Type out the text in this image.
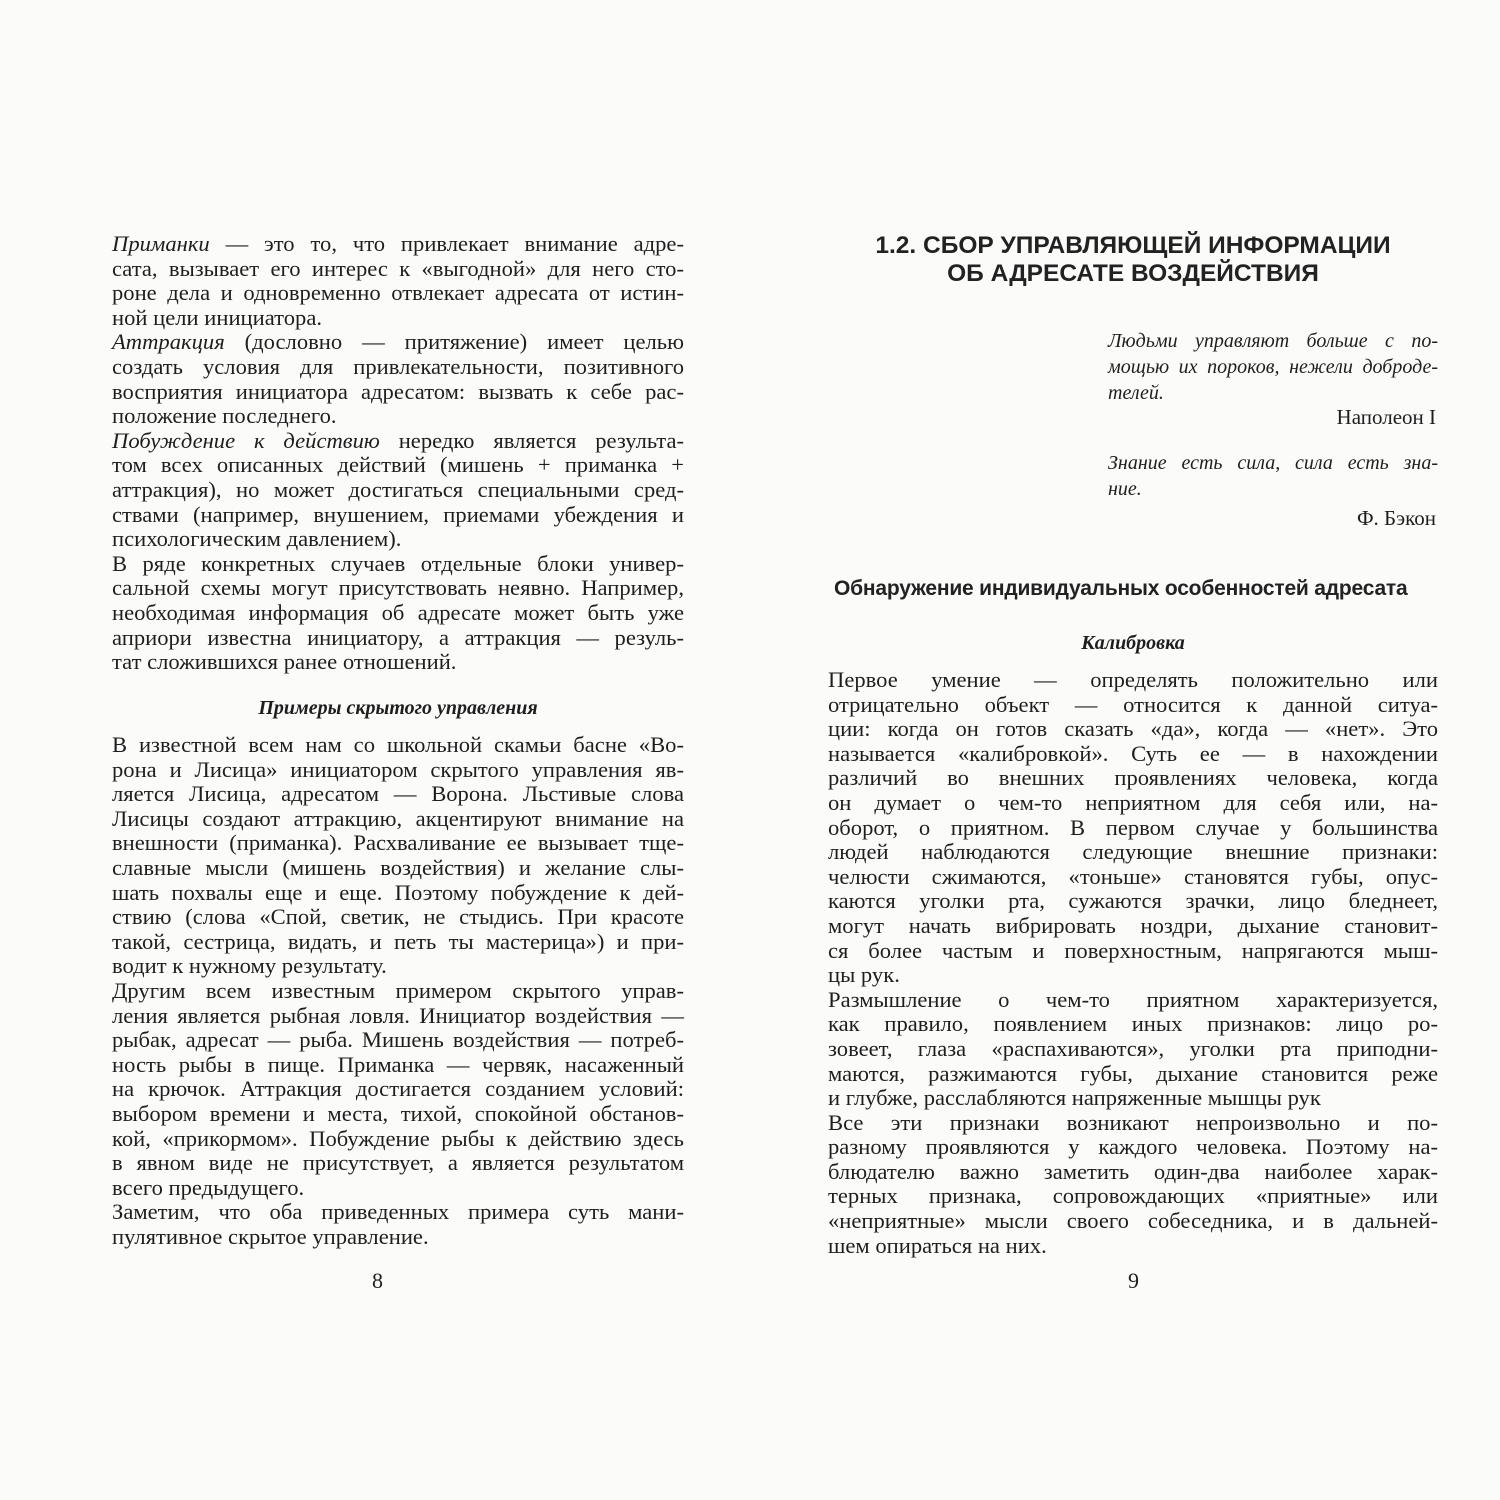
Приманки — это то, что привлекает внимание адре-
сата, вызывает его интерес к «выгодной» для него сто-
роне дела и одновременно отвлекает адресата от истин-
ной цели инициатора.
Аттракция (дословно — притяжение) имеет целью
создать условия для привлекательности, позитивного
восприятия инициатора адресатом: вызвать к себе рас-
положение последнего.
Побуждение к действию нередко является результа-
том всех описанных действий (мишень + приманка +
аттракция), но может достигаться специальными сред-
ствами (например, внушением, приемами убеждения и
психологическим давлением).
В ряде конкретных случаев отдельные блоки универ-
сальной схемы могут присутствовать неявно. Например,
необходимая информация об адресате может быть уже
априори известна инициатору, а аттракция — резуль-
тат сложившихся ранее отношений.
Примеры скрытого управления
В известной всем нам со школьной скамьи басне «Во-
рона и Лисица» инициатором скрытого управления яв-
ляется Лисица, адресатом — Ворона. Льстивые слова
Лисицы создают аттракцию, акцентируют внимание на
внешности (приманка). Расхваливание ее вызывает тще-
славные мысли (мишень воздействия) и желание слы-
шать похвалы еще и еще. Поэтому побуждение к дей-
ствию (слова «Спой, светик, не стыдись. При красоте
такой, сестрица, видать, и петь ты мастерица») и при-
водит к нужному результату.
Другим всем известным примером скрытого управ-
ления является рыбная ловля. Инициатор воздействия —
рыбак, адресат — рыба. Мишень воздействия — потреб-
ность рыбы в пище. Приманка — червяк, насаженный
на крючок. Аттракция достигается созданием условий:
выбором времени и места, тихой, спокойной обстанов-
кой, «прикормом». Побуждение рыбы к действию здесь
в явном виде не присутствует, а является результатом
всего предыдущего.
Заметим, что оба приведенных примера суть мани-
пулятивное скрытое управление.
8
1.2. СБОР УПРАВЛЯЮЩЕЙ ИНФОРМАЦИИ
ОБ АДРЕСАТЕ ВОЗДЕЙСТВИЯ
Людьми управляют больше с по-
мощью их пороков, нежели доброде-
телей.
Наполеон I
Знание есть сила, сила есть зна-
ние.
Ф. Бэкон
Обнаружение индивидуальных особенностей адресата
Калибровка
Первое умение — определять положительно или
отрицательно объект — относится к данной ситуа-
ции: когда он готов сказать «да», когда — «нет». Это
называется «калибровкой». Суть ее — в нахождении
различий во внешних проявлениях человека, когда
он думает о чем-то неприятном для себя или, на-
оборот, о приятном. В первом случае у большинства
людей наблюдаются следующие внешние признаки:
челюсти сжимаются, «тоньше» становятся губы, опус-
каются уголки рта, сужаются зрачки, лицо бледнеет,
могут начать вибрировать ноздри, дыхание становит-
ся более частым и поверхностным, напрягаются мыш-
цы рук.
Размышление о чем-то приятном характеризуется,
как правило, появлением иных признаков: лицо ро-
зовеет, глаза «распахиваются», уголки рта приподни-
маются, разжимаются губы, дыхание становится реже
и глубже, расслабляются напряженные мышцы рук
Все эти признаки возникают непроизвольно и по-
разному проявляются у каждого человека. Поэтому на-
блюдателю важно заметить один-два наиболее харак-
терных признака, сопровождающих «приятные» или
«неприятные» мысли своего собеседника, и в дальней-
шем опираться на них.
9
